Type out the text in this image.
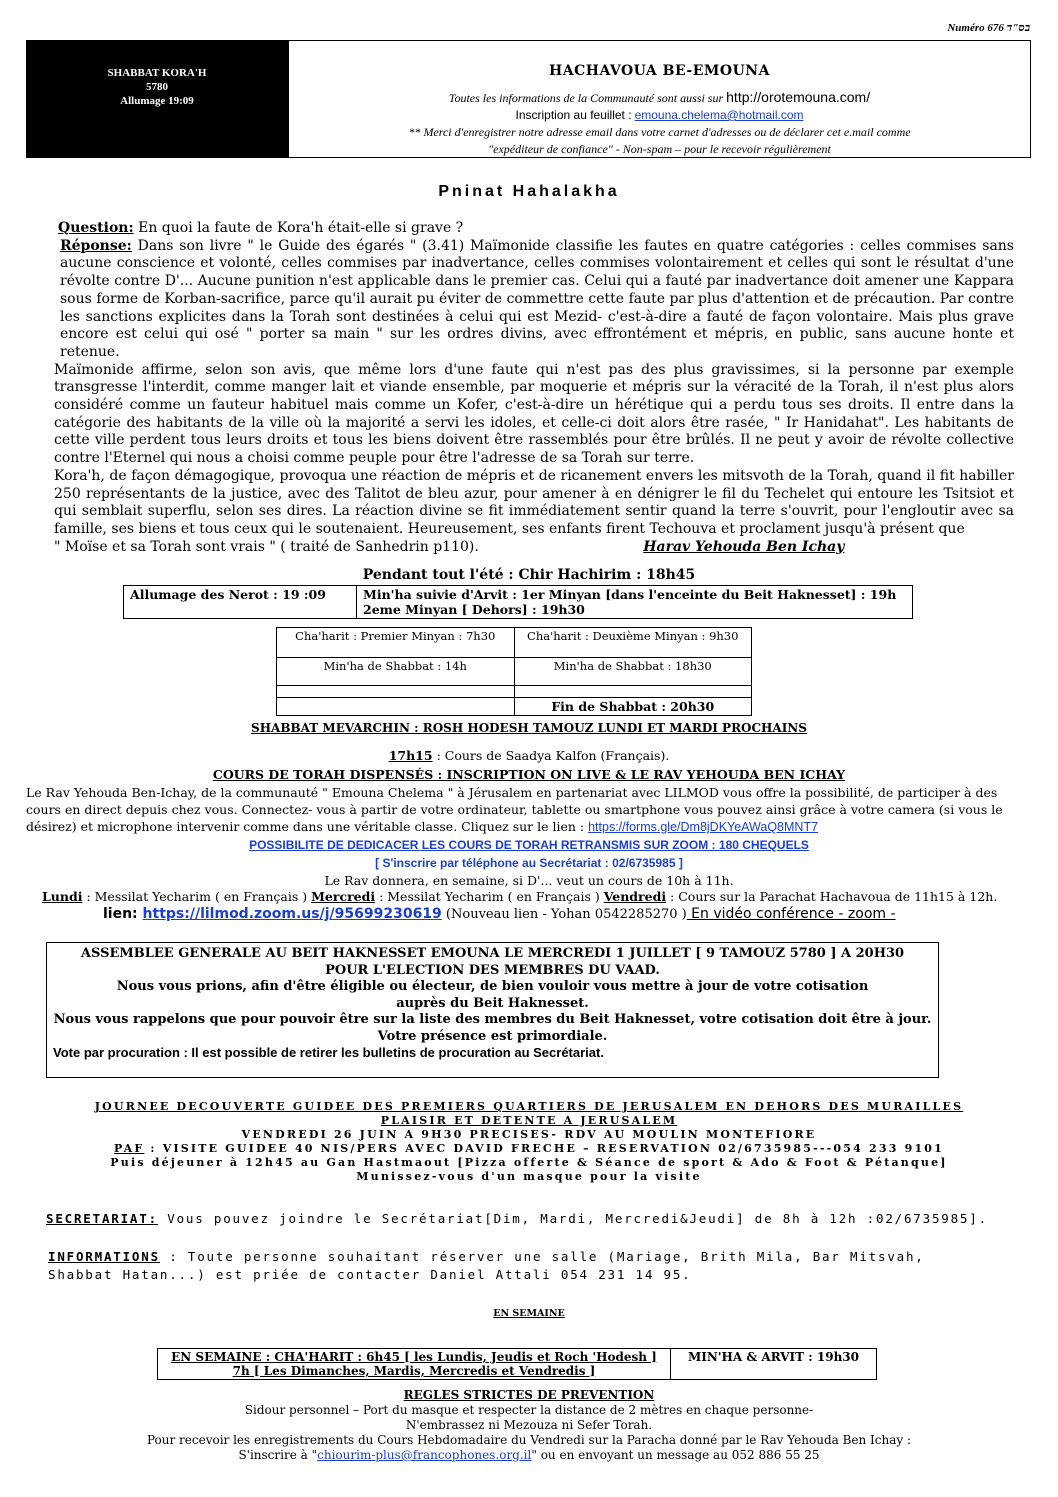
Numéro 676 בס"ד
SHABBAT KORA'H
5780
Allumage 19:09
HACHAVOUA BE-EMOUNA
Toutes les informations de la Communauté sont aussi sur http://orotemouna.com/
Inscription au feuillet : emouna.chelema@hotmail.com
** Merci d'enregistrer notre adresse email dans votre carnet d'adresses ou de déclarer cet e.mail comme
"expéditeur de confiance" - Non-spam – pour le recevoir régulièrement
Pninat Hahalakha

Question: En quoi la faute de Kora'h était-elle si grave ?

Réponse: Dans son livre " le Guide des égarés " (3.41) Maïmonide classifie les fautes en quatre catégories : celles commises sans aucune conscience et volonté, celles commises par inadvertance, celles commises volontairement et celles qui sont le résultat d'une révolte contre D'... Aucune punition n'est applicable dans le premier cas. Celui qui a fauté par inadvertance doit amener une Kappara sous forme de Korban-sacrifice, parce qu'il aurait pu éviter de commettre cette faute par plus d'attention et de précaution. Par contre les sanctions explicites dans la Torah sont destinées à celui qui est Mezid- c'est-à-dire a fauté de façon volontaire. Mais plus grave encore est celui qui osé " porter sa main " sur les ordres divins, avec effrontément et mépris, en public, sans aucune honte et retenue.

Maïmonide affirme, selon son avis, que même lors d'une faute qui n'est pas des plus gravissimes, si la personne par exemple transgresse l'interdit, comme manger lait et viande ensemble, par moquerie et mépris sur la véracité de la Torah, il n'est plus alors considéré comme un fauteur habituel mais comme un Kofer, c'est-à-dire un hérétique qui a perdu tous ses droits. Il entre dans la catégorie des habitants de la ville où la majorité a servi les idoles, et celle-ci doit alors être rasée, " Ir Hanidahat". Les habitants de cette ville perdent tous leurs droits et tous les biens doivent être rassemblés pour être brûlés. Il ne peut y avoir de révolte collective contre l'Eternel qui nous a choisi comme peuple pour être l'adresse de sa Torah sur terre.

Kora'h, de façon démagogique, provoqua une réaction de mépris et de ricanement envers les mitsvoth de la Torah, quand il fit habiller 250 représentants de la justice, avec des Talitot de bleu azur, pour amener à en dénigrer le fil du Techelet qui entoure les Tsitsiot et qui semblait superflu, selon ses dires. La réaction divine se fit immédiatement sentir quand la terre s'ouvrit, pour l'engloutir avec sa famille, ses biens et tous ceux qui le soutenaient. Heureusement, ses enfants firent Techouva et proclament jusqu'à présent que

" Moïse et sa Torah sont vrais " ( traité de Sanhedrin p110).	Harav Yehouda Ben Ichay

Pendant tout l'été : Chir Hachirim : 18h45
Allumage des Nerot : 19 :09	Min'ha suivie d'Arvit : 1er Minyan [dans l'enceinte du Beit Haknesset] : 19h
2eme Minyan [ Dehors] : 19h30
Cha'harit : Premier Minyan : 7h30	Cha'harit : Deuxième Minyan : 9h30
Min'ha de Shabbat : 14h	Min'ha de Shabbat : 18h30

	Fin de Shabbat : 20h30
SHABBAT MEVARCHIN : ROSH HODESH TAMOUZ LUNDI ET MARDI PROCHAINS
17h15 : Cours de Saadya Kalfon (Français).
COURS DE TORAH DISPENSÉS : INSCRIPTION ON LIVE & LE RAV YEHOUDA BEN ICHAY
Le Rav Yehouda Ben-Ichay, de la communauté " Emouna Chelema " à Jérusalem en partenariat avec LILMOD vous offre la possibilité, de participer à des cours en direct depuis chez vous. Connectez- vous à partir de votre ordinateur, tablette ou smartphone vous pouvez ainsi grâce à votre camera (si vous le désirez) et microphone intervenir comme dans une véritable classe. Cliquez sur le lien : https://forms.gle/Dm8jDKYeAWaQ8MNT7
POSSIBILITE DE DEDICACER LES COURS DE TORAH RETRANSMIS SUR ZOOM : 180 CHEQUELS
[ S'inscrire par téléphone au Secrétariat : 02/6735985 ]
Le Rav donnera, en semaine, si D'... veut un cours de 10h à 11h.
Lundi : Messilat Yecharim ( en Français ) Mercredi : Messilat Yecharim ( en Français ) Vendredi : Cours sur la Parachat Hachavoua de 11h15 à 12h.
lien: https://lilmod.zoom.us/j/95699230619 (Nouveau lien - Yohan 0542285270 ) En vidéo conférence - zoom -
ASSEMBLEE GENERALE AU BEIT HAKNESSET EMOUNA LE MERCREDI 1 JUILLET [ 9 TAMOUZ 5780 ] A 20H30
POUR L'ELECTION DES MEMBRES DU VAAD.
Nous vous prions, afin d'être éligible ou électeur, de bien vouloir vous mettre à jour de votre cotisation
auprès du Beit Haknesset.
Nous vous rappelons que pour pouvoir être sur la liste des membres du Beit Haknesset, votre cotisation doit être à jour.
Votre présence est primordiale.
Vote par procuration : Il est possible de retirer les bulletins de procuration au Secrétariat.
JOURNEE DECOUVERTE GUIDEE DES PREMIERS QUARTIERS DE JERUSALEM EN DEHORS DES MURAILLES
PLAISIR ET DETENTE A JERUSALEM
VENDREDI 26 JUIN A 9H30 PRECISES- RDV AU MOULIN MONTEFIORE
PAF : VISITE GUIDEE 40 NIS/PERS AVEC DAVID FRECHE – RESERVATION 02/6735985---054 233 9101
Puis déjeuner à 12h45 au Gan Hastmaout [Pizza offerte & Séance de sport & Ado & Foot & Pétanque]
Munissez-vous d'un masque pour la visite
SECRETARIAT: Vous pouvez joindre le Secrétariat[Dim, Mardi, Mercredi&Jeudi] de 8h à 12h :02/6735985].
INFORMATIONS : Toute personne souhaitant réserver une salle (Mariage, Brith Mila, Bar Mitsvah,
Shabbat Hatan...) est priée de contacter Daniel Attali 054 231 14 95.
EN SEMAINE
EN SEMAINE : CHA'HARIT : 6h45 [ les Lundis, Jeudis et Roch 'Hodesh ]
7h [ Les Dimanches, Mardis, Mercredis et Vendredis ]
	MIN'HA & ARVIT : 19h30
REGLES STRICTES DE PREVENTION
Sidour personnel – Port du masque et respecter la distance de 2 mètres en chaque personne-
N'embrassez ni Mezouza ni Sefer Torah.
Pour recevoir les enregistrements du Cours Hebdomadaire du Vendredi sur la Paracha donné par le Rav Yehouda Ben Ichay :
S'inscrire à "chiourim-plus@francophones.org.il" ou en envoyant un message au 052 886 55 25
